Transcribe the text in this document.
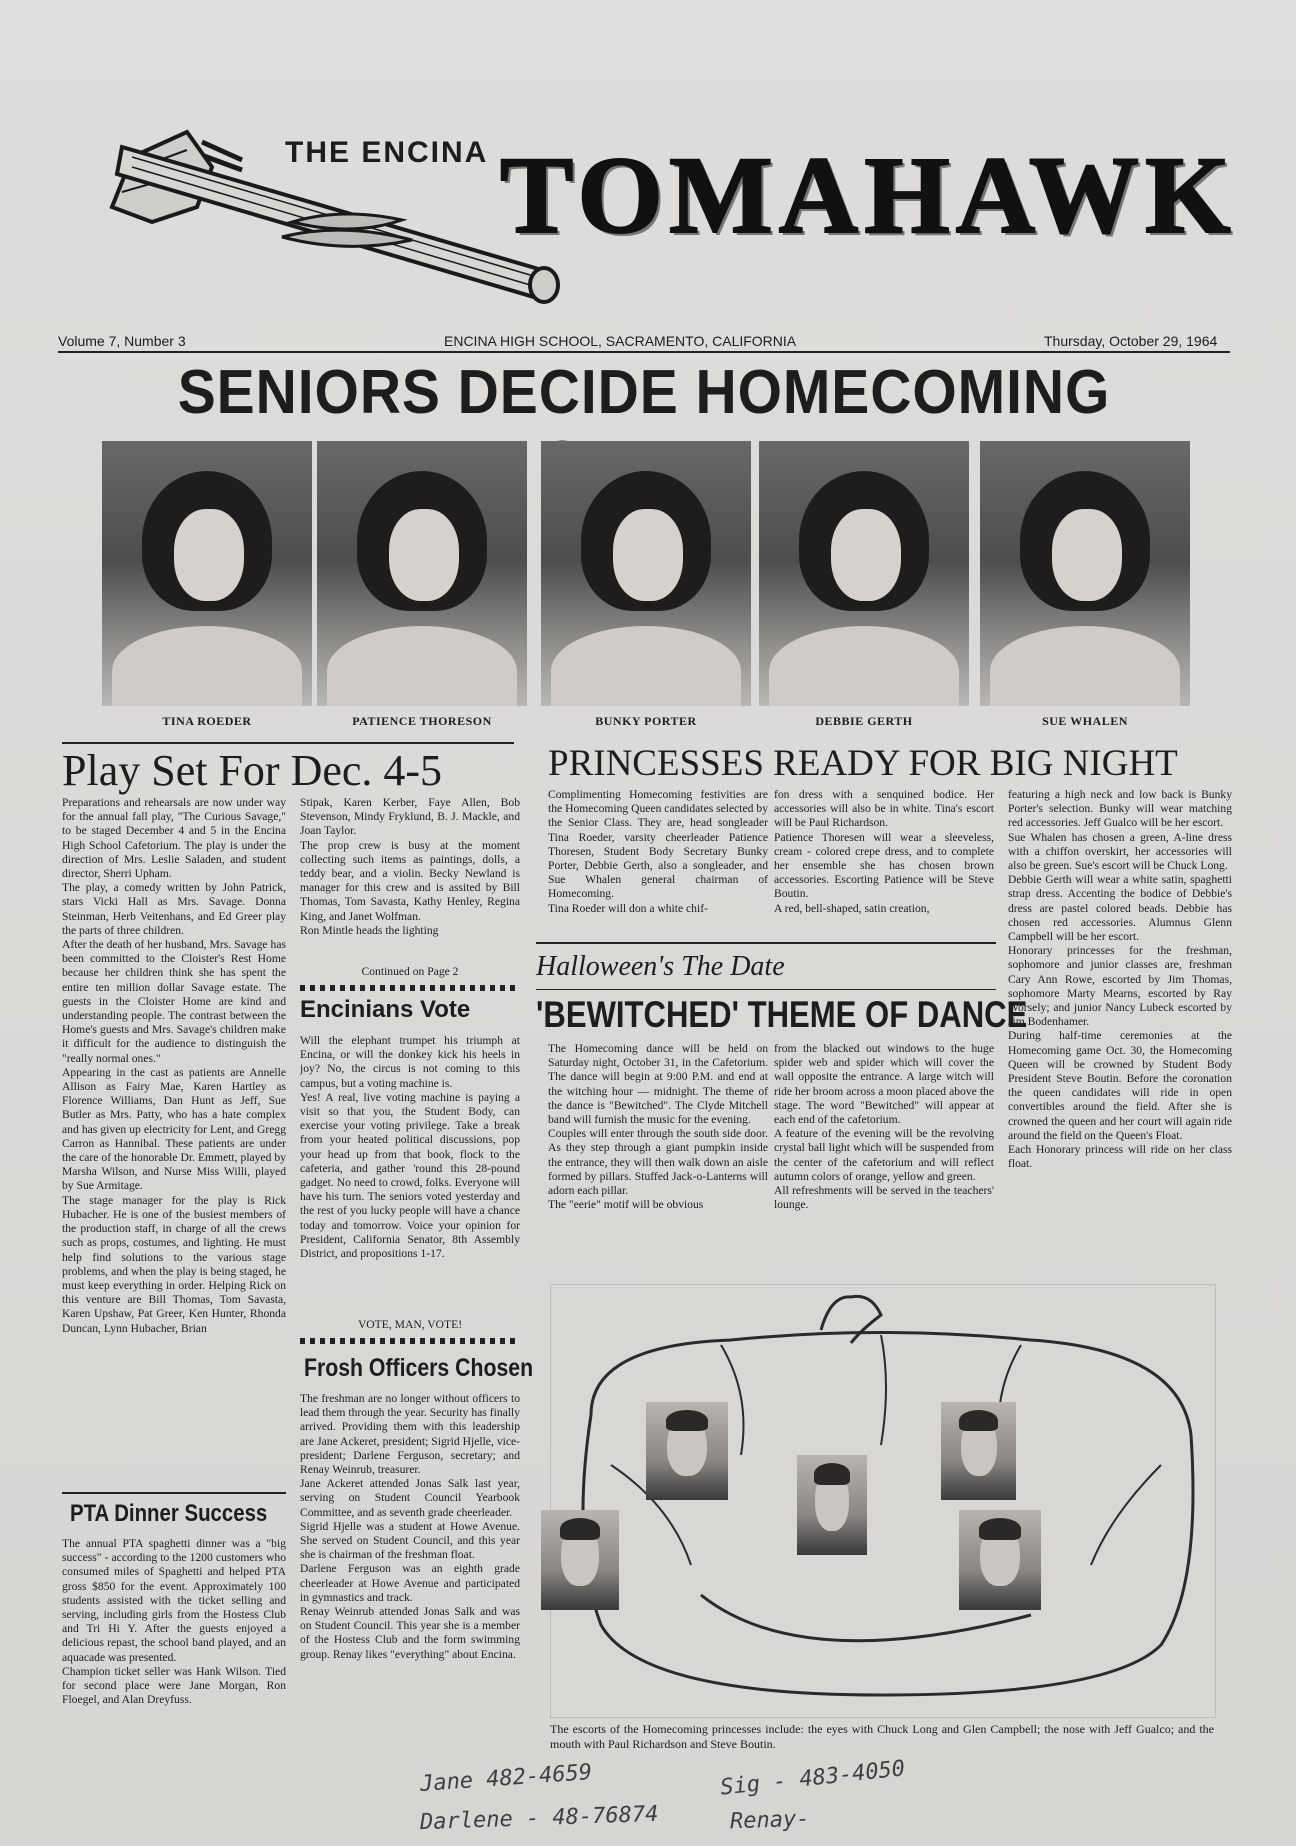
THE ENCINA TOMAHAWK
Volume 7, Number 3	ENCINA HIGH SCHOOL, SACRAMENTO, CALIFORNIA	Thursday, October 29, 1964
SENIORS DECIDE HOMECOMING
TINA ROEDER	PATIENCE THORESON	BUNKY PORTER	DEBBIE GERTH	SUE WHALEN
Play Set For Dec. 4-5
Preparations and rehearsals are now under way for the annual fall play, "The Curious Savage," to be staged December 4 and 5 in the Encina High School Cafetorium. The play is under the direction of Mrs. Leslie Saladen, and student director, Sherri Upham.
The play, a comedy written by John Patrick, stars Vicki Hall as Mrs. Savage. Donna Steinman, Herb Veitenhans, and Ed Greer play the parts of three children.
After the death of her husband, Mrs. Savage has been committed to the Cloister's Rest Home because her children think she has spent the entire ten million dollar Savage estate. The guests in the Cloister Home are kind and understanding people. The contrast between the Home's guests and Mrs. Savage's children make it difficult for the audience to distinguish the "really normal ones."
Appearing in the cast as patients are Annelle Allison as Fairy Mae, Karen Hartley as Florence Williams, Dan Hunt as Jeff, Sue Butler as Mrs. Patty, who has a hate complex and has given up electricity for Lent, and Gregg Carron as Hannibal. These patients are under the care of the honorable Dr. Emmett, played by Marsha Wilson, and Nurse Miss Willi, played by Sue Armitage.
The stage manager for the play is Rick Hubacher. He is one of the busiest members of the production staff, in charge of all the crews such as props, costumes, and lighting. He must help find solutions to the various stage problems, and when the play is being staged, he must keep everything in order. Helping Rick on this venture are Bill Thomas, Tom Savasta, Karen Upshaw, Pat Greer, Ken Hunter, Rhonda Duncan, Lynn Hubacher, Brian
Stipak, Karen Kerber, Faye Allen, Bob Stevenson, Mindy Fryklund, B. J. Mackle, and Joan Taylor.
The prop crew is busy at the moment collecting such items as paintings, dolls, a teddy bear, and a violin. Becky Newland is manager for this crew and is assited by Bill Thomas, Tom Savasta, Kathy Henley, Regina King, and Janet Wolfman.
Ron Mintle heads the lighting
Continued on Page 2
Encinians Vote
Will the elephant trumpet his triumph at Encina, or will the donkey kick his heels in joy? No, the circus is not coming to this campus, but a voting machine is.
Yes! A real, live voting machine is paying a visit so that you, the Student Body, can exercise your voting privilege. Take a break from your heated political discussions, pop your head up from that book, flock to the cafeteria, and gather 'round this 28-pound gadget. No need to crowd, folks. Everyone will have his turn. The seniors voted yesterday and the rest of you lucky people will have a chance today and tomorrow. Voice your opinion for President, California Senator, 8th Assembly District, and propositions 1-17.
VOTE, MAN, VOTE!
Frosh Officers Chosen
The freshman are no longer without officers to lead them through the year. Security has finally arrived. Providing them with this leadership are Jane Ackeret, president; Sigrid Hjelle, vice-president; Darlene Ferguson, secretary; and Renay Weinrub, treasurer.
Jane Ackeret attended Jonas Salk last year, serving on Student Council Yearbook Committee, and as seventh grade cheerleader.
Sigrid Hjelle was a student at Howe Avenue. She served on Student Council, and this year she is chairman of the freshman float.
Darlene Ferguson was an eighth grade cheerleader at Howe Avenue and participated in gymnastics and track.
Renay Weinrub attended Jonas Salk and was on Student Council. This year she is a member of the Hostess Club and the form swimming group. Renay likes "everything" about Encina.
PTA Dinner Success
The annual PTA spaghetti dinner was a "big success" - according to the 1200 customers who consumed miles of Spaghetti and helped PTA gross $850 for the event. Approximately 100 students assisted with the ticket selling and serving, including girls from the Hostess Club and Tri Hi Y. After the guests enjoyed a delicious repast, the school band played, and an aquacade was presented.
Champion ticket seller was Hank Wilson. Tied for second place were Jane Morgan, Ron Floegel, and Alan Dreyfuss.
PRINCESSES READY FOR BIG NIGHT
Complimenting Homecoming festivities are the Homecoming Queen candidates selected by the Senior Class. They are, head songleader Tina Roeder, varsity cheerleader Patience Thoresen, Student Body Secretary Bunky Porter, Debbie Gerth, also a songleader, and Sue Whalen general chairman of Homecoming.
Tina Roeder will don a white chif-
fon dress with a senquined bodice. Her accessories will also be in white. Tina's escort will be Paul Richardson.
Patience Thoresen will wear a sleeveless, cream - colored crepe dress, and to complete her ensemble she has chosen brown accessories. Escorting Patience will be Steve Boutin.
A red, bell-shaped, satin creation,
featuring a high neck and low back is Bunky Porter's selection. Bunky will wear matching red accessories. Jeff Gualco will be her escort.
Sue Whalen has chosen a green, A-line dress with a chiffon overskirt, her accessories will also be green. Sue's escort will be Chuck Long.
Debbie Gerth will wear a white satin, spaghetti strap dress. Accenting the bodice of Debbie's dress are pastel colored beads. Debbie has chosen red accessories. Alumnus Glenn Campbell will be her escort.
Honorary princesses for the freshman, sophomore and junior classes are, freshman Cary Ann Rowe, escorted by Jim Thomas, sophomore Marty Mearns, escorted by Ray Worsely; and junior Nancy Lubeck escorted by Jim Bodenhamer.
During half-time ceremonies at the Homecoming game Oct. 30, the Homecoming Queen will be crowned by Student Body President Steve Boutin. Before the coronation the queen candidates will ride in open convertibles around the field. After she is crowned the queen and her court will again ride around the field on the Queen's Float.
Each Honorary princess will ride on her class float.
Halloween's The Date
'BEWITCHED' THEME OF DANCE
The Homecoming dance will be held on Saturday night, October 31, in the Cafetorium. The dance will begin at 9:00 P.M. and end at the witching hour — midnight. The theme of the dance is "Bewitched". The Clyde Mitchell band will furnish the music for the evening.
Couples will enter through the south side door. As they step through a giant pumpkin inside the entrance, they will then walk down an aisle formed by pillars. Stuffed Jack-o-Lanterns will adorn each pillar.
The "eerie" motif will be obvious
from the blacked out windows to the huge spider web and spider which will cover the wall opposite the entrance. A large witch will ride her broom across a moon placed above the stage. The word "Bewitched" will appear at each end of the cafetorium.
A feature of the evening will be the revolving crystal ball light which will be suspended from the center of the cafetorium and will reflect autumn colors of orange, yellow and green.
All refreshments will be served in the teachers' lounge.
The escorts of the Homecoming princesses include: the eyes with Chuck Long and Glen Campbell; the nose with Jeff Gualco; and the mouth with Paul Richardson and Steve Boutin.
Jane 482-4659
Darlene - 48-76874
Sig - 483-4050
Renay-
